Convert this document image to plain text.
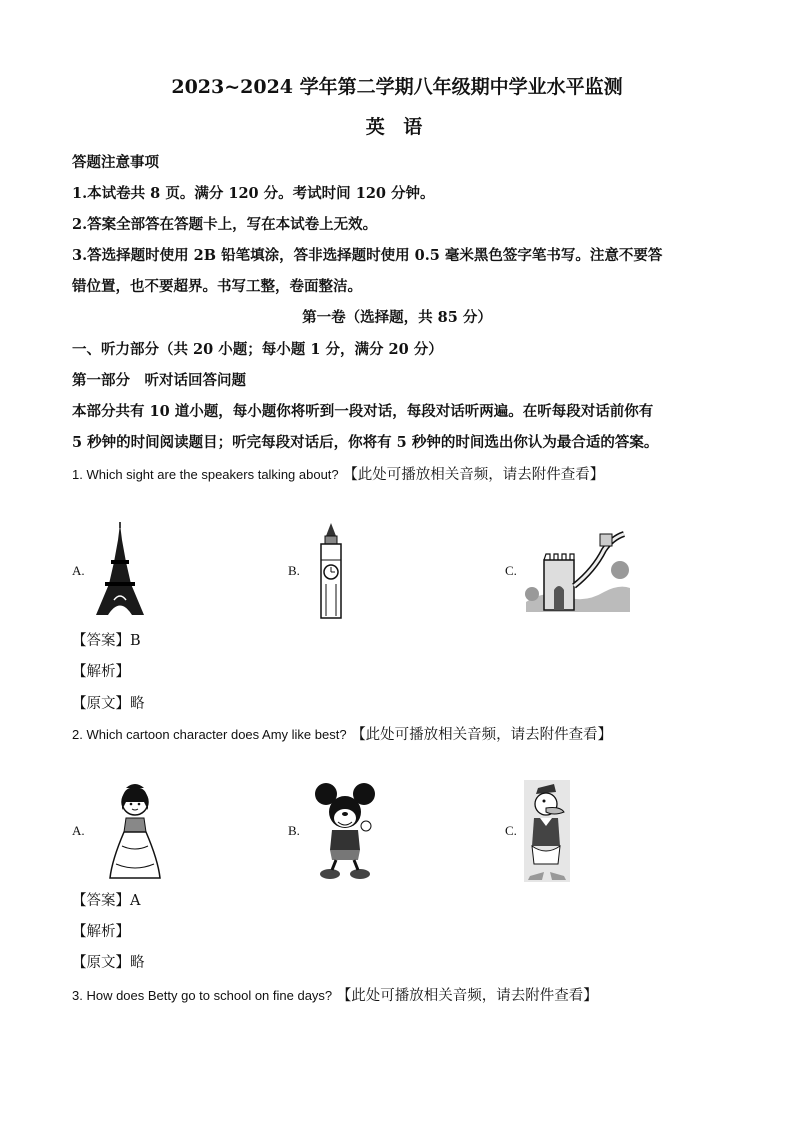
2023~2024 学年第二学期八年级期中学业水平监测
英 语
答题注意事项
1.本试卷共 8 页。满分 120 分。考试时间 120 分钟。
2.答案全部答在答题卡上，写在本试卷上无效。
3.答选择题时使用 2B 铅笔填涂，答非选择题时使用 0.5 毫米黑色签字笔书写。注意不要答
错位置，也不要超界。书写工整，卷面整洁。
第一卷（选择题，共 85 分）
一、听力部分（共 20 小题；每小题 1 分，满分 20 分）
第一部分　听对话回答问题
本部分共有 10 道小题，每小题你将听到一段对话，每段对话听两遍。在听每段对话前你有
5 秒钟的时间阅读题目；听完每段对话后，你将有 5 秒钟的时间选出你认为最合适的答案。
1. Which sight are the speakers talking about? 【此处可播放相关音频，请去附件查看】
A.	B.	C.
【答案】B
【解析】
【原文】略
2. Which cartoon character does Amy like best? 【此处可播放相关音频，请去附件查看】
A.	B.	C.
【答案】A
【解析】
【原文】略
3. How does Betty go to school on fine days? 【此处可播放相关音频，请去附件查看】
